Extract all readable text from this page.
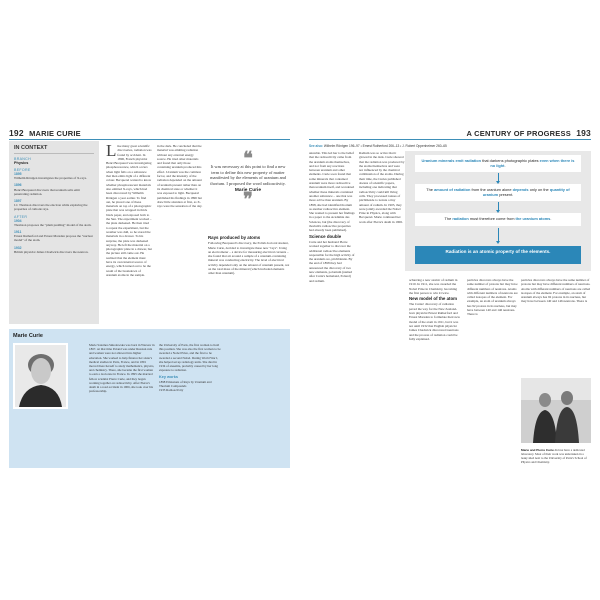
192 MARIE CURIE
IN CONTEXT
BRANCH
Physics
BEFORE
1895
Wilhelm Röntgen investigates the properties of X-rays.
1896
Henri Becquerel discovers that uranium salts emit penetrating radiation.
1897
J.J. Thomson discovers the electron while exploring the properties of cathode rays.
AFTER
1904
Thomson proposes the "plum pudding" model of the atom.
1911
Ernest Rutherford and Ernest Marsden propose the "nuclear model" of the atom.
1932
British physicist James Chadwick discovers the neutron.
Like many great scientific discoveries, radiation was found by accident. In 1896, French physicist Henri Becquerel was investigating phosphorescence, which occurs when light falls on a substance that then emits light of a different colour. Becquerel wanted to know whether phosphorescent materials also emitted X-rays, which had been discovered by Wilhelm Röntgen a year earlier. To find out, he placed one of these materials on top of a photographic plate that was wrapped in thick black paper, and exposed both to the Sun. The experiment worked – the plate darkened. He then tried to repeat the experiment, but the weather was dull, so he stored the materials in a drawer. To his surprise, the plate was darkened anyway. He left the material on a photographic plate in a drawer, but the picture still came out. He realized that the element must have its own internal source of energy, which turned out to be the result of the breakdown of uranium atoms in the sample.
in the dark. He concluded that the material was emitting radiation without any external energy source. He tried other materials and found that only those containing uranium produced this effect. Uranium was the common factor, and the intensity of the radiation depended on the amount of uranium present rather than on its chemical state or whether it was exposed to light. Becquerel published his findings in 1896 but drew little attention at first, as X-rays were the sensation of the day.
❝
It was necessary at this point to find a new term to define this new property of matter manifested by the elements of uranium and thorium. I proposed the word radioactivity.
Marie Curie
❞
Rays produced by atoms
Following Becquerel's discovery, the Polish doctoral student, Marie Curie, decided to investigate these new "rays". Using an electrometer – a device for measuring electrical currents – she found that air around a sample of a uranium-containing mineral was conducting electricity. The level of electrical activity depended only on the amount of uranium present, not on the total mass of the mineral (which included elements other than uranium).
Marie Curie
Marie Salomea Skłodowska was born in Warsaw in 1867. At that time Poland was under Russian rule and women were not allowed into higher education. She worked to help finance her sister's medical studies in Paris, France, and in 1891 moved there herself to study mathematics, physics, and chemistry. There, she became the first woman to earn a doctorate in France. In 1895 she married fellow scientist Pierre Curie, and they began working together on radioactivity. After Pierre's death in a road accident in 1906, she took over his professorship.
the University of Paris, the first woman to hold this position. She was also the first woman to be awarded a Nobel Prize, and the first to be awarded a second Nobel. During World War I, she helped set up radiology units. She died in 1934 of anaemia, probably caused by her long exposure to radiation.
Key works
1898 Emissions of Rays by Uranium and Thorium Compounds
1935 Radioactivity
A CENTURY OF PROGRESS 193
See also: Wilhelm Röntgen 196–97 ▪ Ernest Rutherford 206–13 ▪ J. Robert Oppenheimer 260–65
unstable. This led her to the belief that the radioactivity came from the uranium atoms themselves, and not from any reactions between uranium and other elements. Curie soon found that some minerals that contained uranium were more radioactive than uranium itself, and wondered whether these minerals contained another substance – one that was more active than uranium. By 1898, she had identified thorium as another radioactive element. She wanted to present her findings in a paper to the Académie des Sciences, but (the discovery of thorium's radioactive properties had already been published).
Science double
Curie and her husband Pierre worked together to discover the additional radioactive elements responsible for the high activity of the uranium ore, pitchblende. By the end of 1898 they had announced the discovery of two new elements, polonium (named after Curie's homeland, Poland) and radium.
Radium was so active that it glowed in the dark. Curie showed that the radiation was produced by the atoms themselves and were not influenced by the chemical combination of the atoms. During their time, the Curies published dozens of scientific papers, including one indicating that radioactivity could kill living cells. They processed tonnes of pitchblende to isolate a tiny amount of radium. In 1903, they were jointly awarded the Nobel Prize in Physics, along with Becquerel. Marie continued her work after Pierre's death in 1906.
Uranium minerals emit radiation that darkens photographic plates even when there is no light.
The amount of radiation from the uranium alone depends only on the quantity of uranium present.
The radiation must therefore come from the uranium atoms.
Radiation is an atomic property of the elements.
achieving a new atomic of radium in 1910. In 1911, she was awarded the Nobel Prize in Chemistry, becoming the first person to win it twice.
New model of the atom
The Curies' discovery of radiation paved the way for the New Zealand-born physicist Ernest Rutherford and Ernest Marsden to formulate their new model of the atom in 1911, but it was not until 1932 that English physicist James Chadwick discovered neutrons and the process of radiation could be fully explained.
particles discovers always have the same number of protons but may have different numbers of neutrons. Atoms with different numbers of neutrons are called isotopes of the element. For example, an atom of uranium always has 92 protons in its nucleus, but may have between 140 and 146 neutrons. There is
particles discovers always have the same number of protons but may have different numbers of neutrons. Atoms with different numbers of neutrons are called isotopes of the element. For example, an atom of uranium always has 92 protons in its nucleus, but may have between 140 and 146 neutrons. There is
Marie and Pierre Curie did not have a dedicated laboratory. Most of their work was undertaken in a leaky shed next to the University of Paris's School of Physics and Chemistry.
